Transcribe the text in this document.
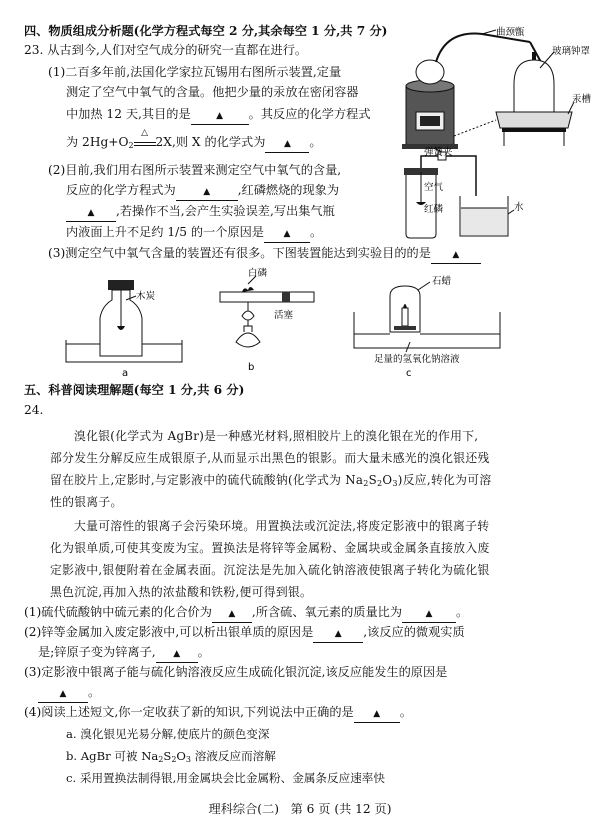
四、物质组成分析题(化学方程式每空 2 分,其余每空 1 分,共 7 分)
23. 从古到今,人们对空气成分的研究一直都在进行。
(1)二百多年前,法国化学家拉瓦锡用右图所示装置,定量
测定了空气中氧气的含量。他把少量的汞放在密闭容器
中加热 12 天,其目的是	▲ 。其反应的化学方程式
为 $2Hg+O_2$
△
2X,则 X 的化学式为 ▲ 。
(2)目前,我们用右图所示装置来测定空气中氧气的含量,
反应的化学方程式为	▲ ,红磷燃烧的现象为
▲ ,若操作不当,会产生实验误差,写出集气瓶
内液面上升不足约 1/5 的一个原因是 ▲ 。
(3)测定空气中氧气含量的装置还有很多。下图装置能达到实验目的的是 ▲
曲颈甑
玻璃钟罩
汞槽
弹簧夹
空气
红磷	水
木炭
a
白磷
活塞
b
石蜡
足量的氢氧化钠溶液
c
五、科普阅读理解题(每空 1 分,共 6 分)
24.
溴化银(化学式为 AgBr)是一种感光材料,照相胶片上的溴化银在光的作用下,
部分发生分解反应生成银原子,从而显示出黑色的银影。而大量未感光的溴化银还残
留在胶片上,定影时,与定影液中的硫代硫酸钠(化学式为 $Na_2S_2O_3$)反应,转化为可溶
性的银离子。
大量可溶性的银离子会污染环境。用置换法或沉淀法,将废定影液中的银离子转
化为银单质,可使其变废为宝。置换法是将锌等金属粉、金属块或金属条直接放入废
定影液中,银便附着在金属表面。沉淀法是先加入硫化钠溶液使银离子转化为硫化银
黑色沉淀,再加入热的浓盐酸和铁粉,便可得到银。
(1)硫代硫酸钠中硫元素的化合价为 ▲ ,所含硫、氧元素的质量比为	▲ 。
(2)锌等金属加入废定影液中,可以析出银单质的原因是 ▲ ,该反应的微观实质
是;锌原子变为锌离子, ▲ 。
(3)定影液中银离子能与硫化钠溶液反应生成硫化银沉淀,该反应能发生的原因是
▲ 。
(4)阅读上述短文,你一定收获了新的知识,下列说法中正确的是 ▲ 。
a. 溴化银见光易分解,使底片的颜色变深
b. AgBr 可被 $Na_2S_2O_3$ 溶液反应而溶解
c. 采用置换法制得银,用金属块会比金属粉、金属条反应速率快
理科综合(二)   第 6 页 (共 12 页)
